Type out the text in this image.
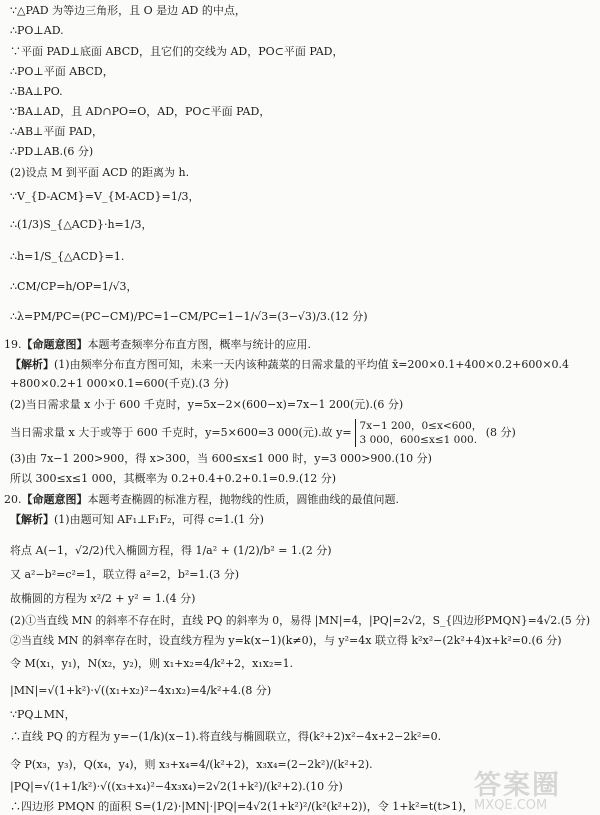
∵△PAD 为等边三角形，且 O 是边 AD 的中点，
∴PO⊥AD.
∵平面 PAD⊥底面 ABCD，且它们的交线为 AD，PO⊂平面 PAD，
∴PO⊥平面 ABCD，
∴BA⊥PO.
∵BA⊥AD，且 AD∩PO=O，AD，PO⊂平面 PAD，
∴AB⊥平面 PAD，
∴PD⊥AB.(6 分)
(2)设点 M 到平面 ACD 的距离为 h.
∵V_{D-ACM}=V_{M-ACD}=1/3，
∴(1/3)S_{△ACD}·h=1/3，
∴h=1/S_{△ACD}=1.
∴CM/CP=h/OP=1/√3，
∴λ=PM/PC=(PC−CM)/PC=1−CM/PC=1−1/√3=(3−√3)/3.(12 分)
19.【命题意图】本题考查频率分布直方图，概率与统计的应用.
【解析】(1)由频率分布直方图可知，未来一天内该种蔬菜的日需求量的平均值 x̄=200×0.1+400×0.2+600×0.4
+800×0.2+1 000×0.1=600(千克).(3 分)
(2)当日需求量 x 小于 600 千克时，y=5x−2×(600−x)=7x−1 200(元).(6 分)
当日需求量 x 大于或等于 600 千克时，y=5×600=3 000(元).故 y= 7x−1 200，0≤x<600，
3 000，600≤x≤1 000.
(8 分)
(3)由 7x−1 200>900，得 x>300，当 600≤x≤1 000 时，y=3 000>900.(10 分)
所以 300≤x≤1 000，其概率为 0.2+0.4+0.2+0.1=0.9.(12 分)
20.【命题意图】本题考查椭圆的标准方程，抛物线的性质，圆锥曲线的最值问题.
【解析】(1)由题可知 AF₁⊥F₁F₂，可得 c=1.(1 分)
将点 A(−1，√2/2)代入椭圆方程，得 1/a² + (1/2)/b² = 1.(2 分)
又 a²−b²=c²=1，联立得 a²=2，b²=1.(3 分)
故椭圆的方程为 x²/2 + y² = 1.(4 分)
(2)①当直线 MN 的斜率不存在时，直线 PQ 的斜率为 0，易得 |MN|=4，|PQ|=2√2，S_{四边形PMQN}=4√2.(5 分)
②当直线 MN 的斜率存在时，设直线方程为 y=k(x−1)(k≠0)，与 y²=4x 联立得 k²x²−(2k²+4)x+k²=0.(6 分)
令 M(x₁，y₁)，N(x₂，y₂)，则 x₁+x₂=4/k²+2，x₁x₂=1.
|MN|=√(1+k²)·√((x₁+x₂)²−4x₁x₂)=4/k²+4.(8 分)
∵PQ⊥MN，
∴直线 PQ 的方程为 y=−(1/k)(x−1).将直线与椭圆联立，得(k²+2)x²−4x+2−2k²=0.
令 P(x₃，y₃)，Q(x₄，y₄)，则 x₃+x₄=4/(k²+2)，x₃x₄=(2−2k²)/(k²+2).
|PQ|=√(1+1/k²)·√((x₃+x₄)²−4x₃x₄)=2√2(1+k²)/(k²+2).(10 分)
∴四边形 PMQN 的面积 S=(1/2)·|MN|·|PQ|=4√2(1+k²)²/(k²(k²+2))，令 1+k²=t(t>1)，
答案圈
MXQE.COM
